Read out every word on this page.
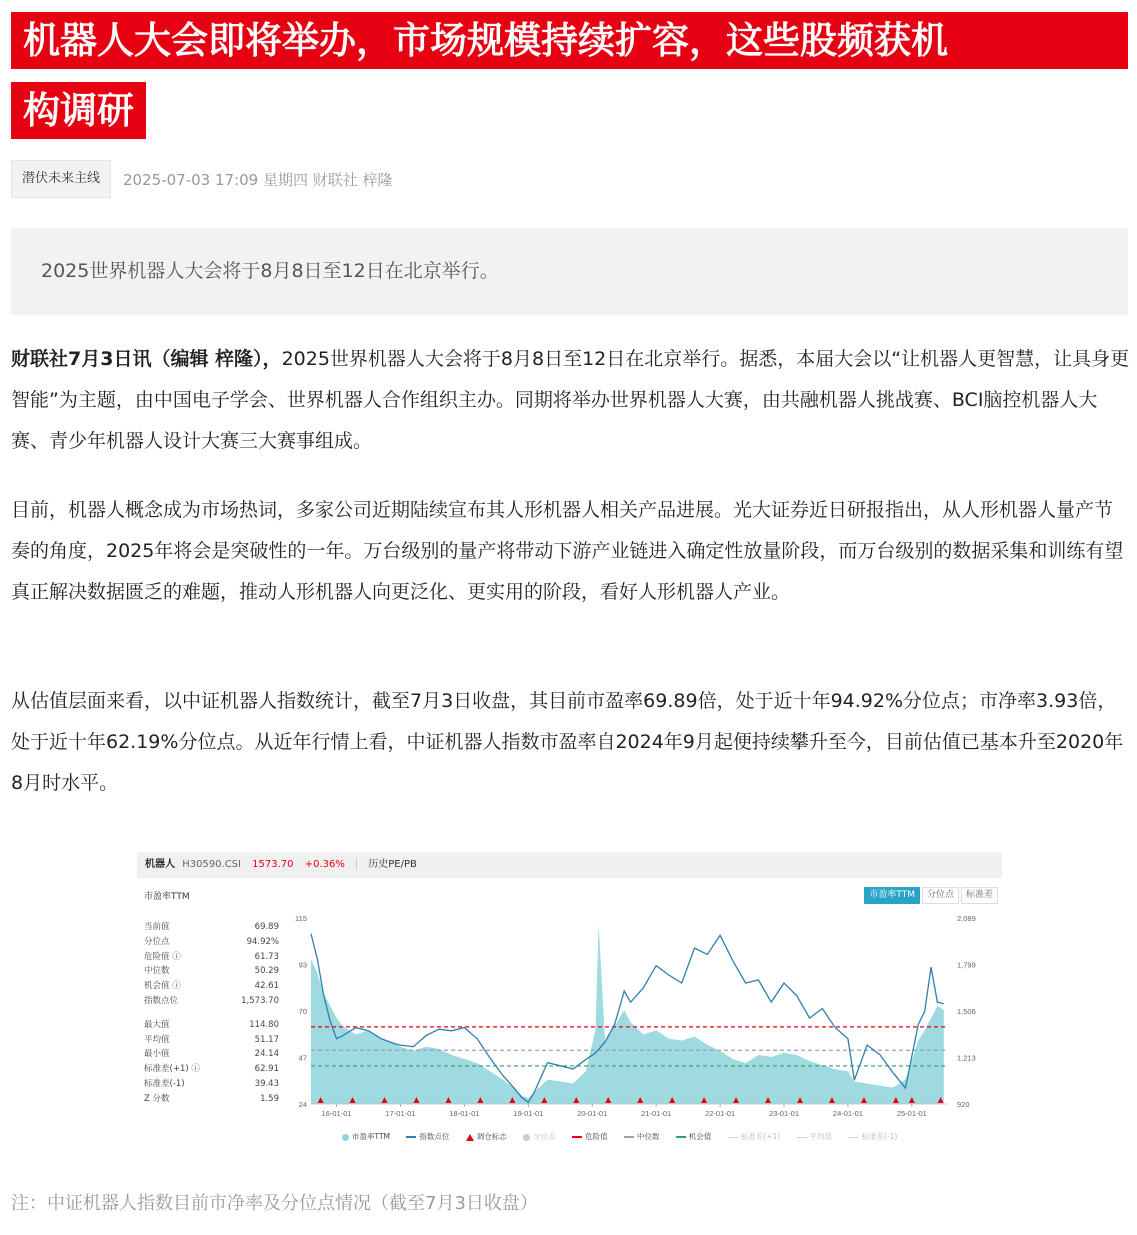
机器人大会即将举办，市场规模持续扩容，这些股频获机
构调研
潜伏未来主线	2025-07-03 17:09 星期四 财联社 梓隆
2025世界机器人大会将于8月8日至12日在北京举行。
财联社7月3日讯（编辑 梓隆），2025世界机器人大会将于8月8日至12日在北京举行。据悉，本届大会以“让机器人更智慧，让具身更智能”为主题，由中国电子学会、世界机器人合作组织主办。同期将举办世界机器人大赛，由共融机器人挑战赛、BCI脑控机器人大赛、青少年机器人设计大赛三大赛事组成。
目前，机器人概念成为市场热词，多家公司近期陆续宣布其人形机器人相关产品进展。光大证券近日研报指出，从人形机器人量产节奏的角度，2025年将会是突破性的一年。万台级别的量产将带动下游产业链进入确定性放量阶段，而万台级别的数据采集和训练有望真正解决数据匮乏的难题，推动人形机器人向更泛化、更实用的阶段，看好人形机器人产业。
从估值层面来看，以中证机器人指数统计，截至7月3日收盘，其目前市盈率69.89倍，处于近十年94.92%分位点；市净率3.93倍，处于近十年62.19%分位点。从近年行情上看，中证机器人指数市盈率自2024年9月起便持续攀升至今，目前估值已基本升至2020年8月时水平。
机器人 H30590.CSI 1573.70 +0.36% 历史PE/PB
市盈率TTM	市盈率TTM	分位点	标准差
当前值	69.89
分位点	94.92%
危险值 ⓘ	61.73
中位数	50.29
机会值 ⓘ	42.61
指数点位	1,573.70
最大值	114.80
平均值	51.17
最小值	24.14
标准差(+1) ⓘ	62.91
标准差(-1)	39.43
Z 分数	1.59
115
93
70
47
24
2,089
1,799
1,506
1,213
920
16-01-01	17-01-01	18-01-01	19-01-01	20-01-01	21-01-01	22-01-01	23-01-01	24-01-01	25-01-01
市盈率TTM	指数点位	调仓标志	分位点	危险值	中位数	机会值	标准差(+1)	平均值	标准差(-1)
注：中证机器人指数目前市净率及分位点情况（截至7月3日收盘）
